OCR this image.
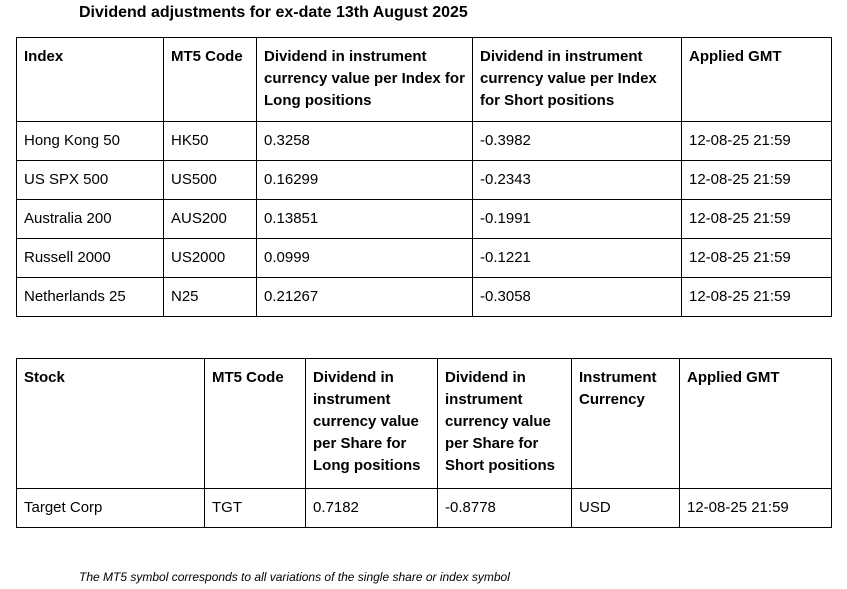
Dividend adjustments for ex-date 13th August 2025
Index	MT5 Code	Dividend in instrument currency value per Index for Long positions	Dividend in instrument currency value per Index for Short positions	Applied GMT
Hong Kong 50	HK50	0.3258	-0.3982	12-08-25 21:59
US SPX 500	US500	0.16299	-0.2343	12-08-25 21:59
Australia 200	AUS200	0.13851	-0.1991	12-08-25 21:59
Russell 2000	US2000	0.0999	-0.1221	12-08-25 21:59
Netherlands 25	N25	0.21267	-0.3058	12-08-25 21:59
Stock	MT5 Code	Dividend in instrument currency value per Share for Long positions	Dividend in instrument currency value per Share for Short positions	Instrument Currency	Applied GMT
Target Corp	TGT	0.7182	-0.8778	USD	12-08-25 21:59
The MT5 symbol corresponds to all variations of the single share or index symbol
